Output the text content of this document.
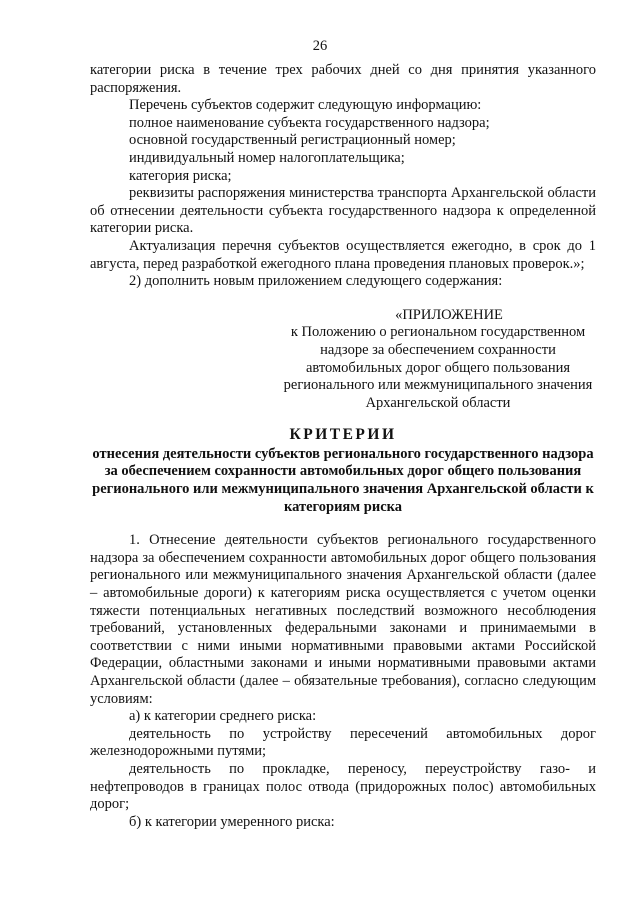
26

категории риска в течение трех рабочих дней со дня принятия указанного распоряжения.

Перечень субъектов содержит следующую информацию:

полное наименование субъекта государственного надзора;

основной государственный регистрационный номер;

индивидуальный номер налогоплательщика;

категория риска;

реквизиты распоряжения министерства транспорта Архангельской области об отнесении деятельности субъекта государственного надзора к определенной категории риска.

Актуализация перечня субъектов осуществляется ежегодно, в срок до 1 августа, перед разработкой ежегодного плана проведения плановых проверок.»;

2) дополнить новым приложением следующего содержания:

«ПРИЛОЖЕНИЕ
к Положению о региональном государственном надзоре за обеспечением сохранности автомобильных дорог общего пользования регионального или межмуниципального значения Архангельской области
КРИТЕРИИ
отнесения деятельности субъектов регионального государственного надзора за обеспечением сохранности автомобильных дорог общего пользования регионального или межмуниципального значения Архангельской области к категориям риска

1. Отнесение деятельности субъектов регионального государственного надзора за обеспечением сохранности автомобильных дорог общего пользования регионального или межмуниципального значения Архангельской области (далее – автомобильные дороги) к категориям риска осуществляется с учетом оценки тяжести потенциальных негативных последствий возможного несоблюдения требований, установленных федеральными законами и принимаемыми в соответствии с ними иными нормативными правовыми актами Российской Федерации, областными законами и иными нормативными правовыми актами Архангельской области (далее – обязательные требования), согласно следующим условиям:

а) к категории среднего риска:

деятельность по устройству пересечений автомобильных дорог железнодорожными путями;

деятельность по прокладке, переносу, переустройству газо- и нефтепроводов в границах полос отвода (придорожных полос) автомобильных дорог;

б) к категории умеренного риска:
